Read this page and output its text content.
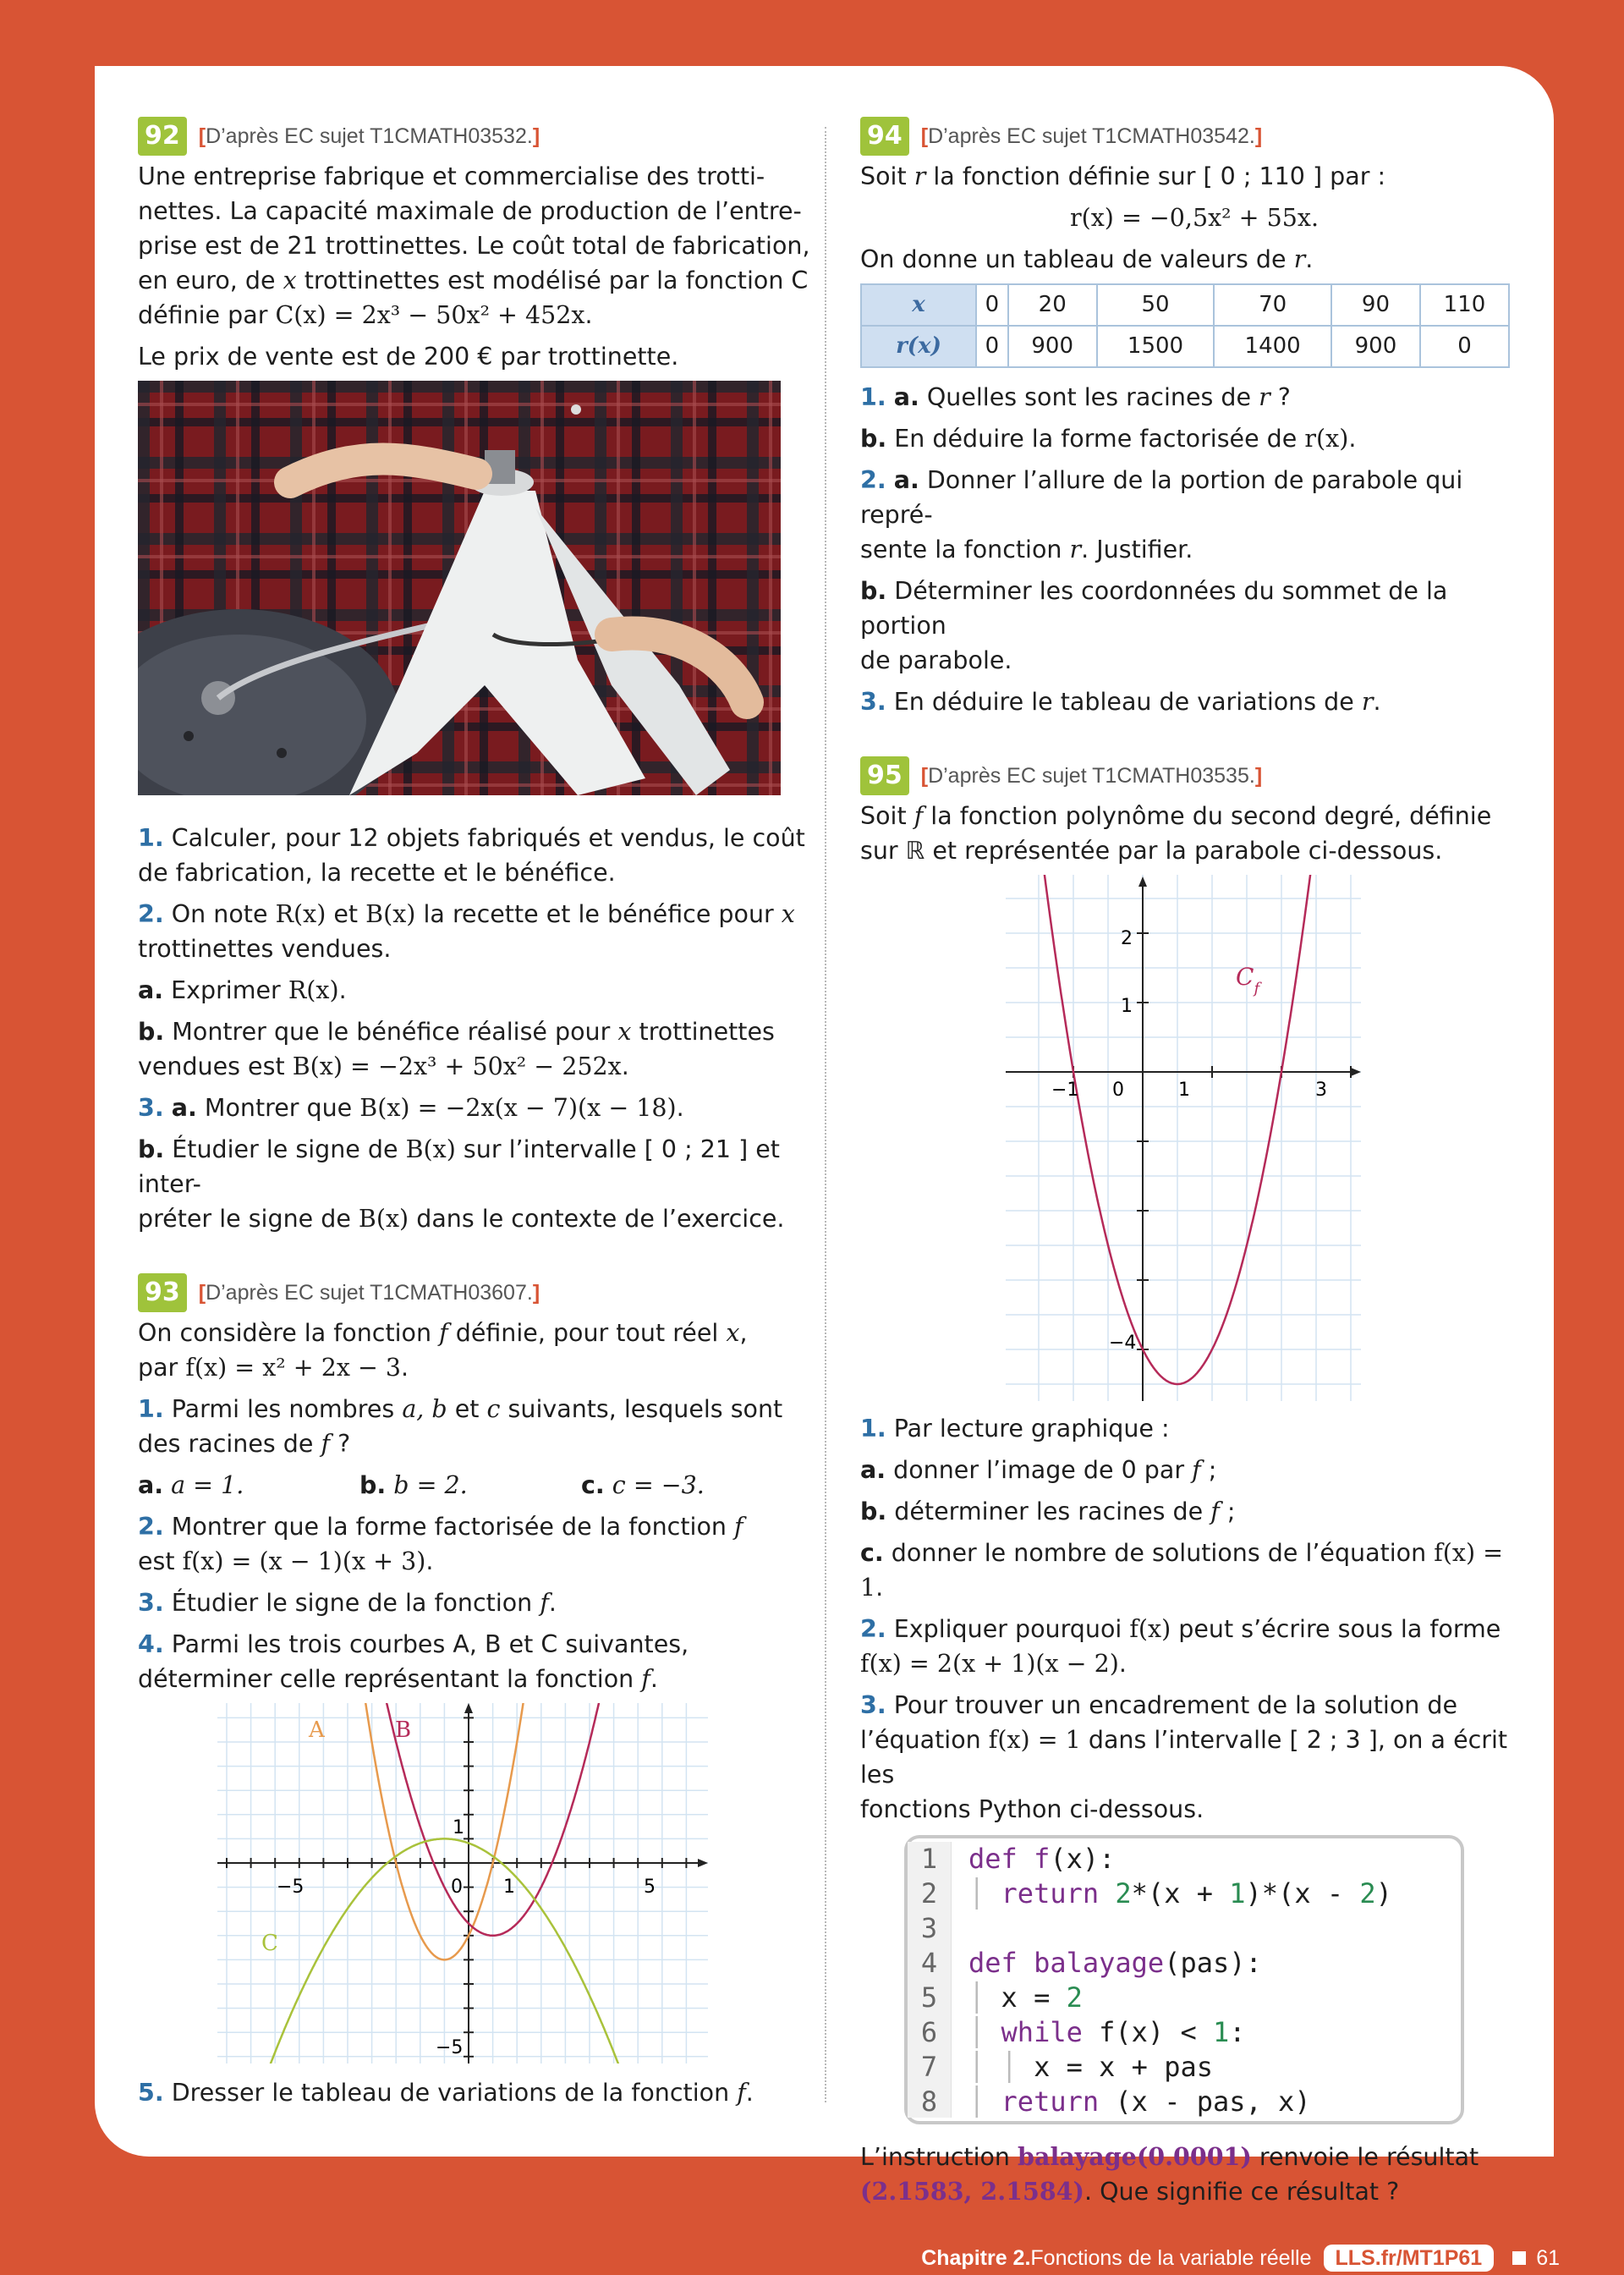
92 [D’après EC sujet T1CMATH03532.]
Une entreprise fabrique et commercialise des trotti-
nettes. La capacité maximale de production de l’entre-
prise est de 21 trottinettes. Le coût total de fabrication,
en euro, de x trottinettes est modélisé par la fonction C
définie par C(x) = 2x³ − 50x² + 452x.
Le prix de vente est de 200 € par trottinette.
1. Calculer, pour 12 objets fabriqués et vendus, le coût
de fabrication, la recette et le bénéfice.
2. On note R(x) et B(x) la recette et le bénéfice pour x
trottinettes vendues.
a. Exprimer R(x).
b. Montrer que le bénéfice réalisé pour x trottinettes
vendues est B(x) = −2x³ + 50x² − 252x.
3. a. Montrer que B(x) = −2x(x − 7)(x − 18).
b. Étudier le signe de B(x) sur l’intervalle [ 0 ; 21 ] et inter-
préter le signe de B(x) dans le contexte de l’exercice.
93 [D’après EC sujet T1CMATH03607.]
On considère la fonction f définie, pour tout réel x,
par f(x) = x² + 2x − 3.
1. Parmi les nombres a, b et c suivants, lesquels sont
des racines de f ?
a. a = 1.	b. b = 2.	c. c = −3.
2. Montrer que la forme factorisée de la fonction f
est f(x) = (x − 1)(x + 3).
3. Étudier le signe de la fonction f.
4. Parmi les trois courbes A, B et C suivantes,
déterminer celle représentant la fonction f.
A	B
C
−5	0 1	5
1
−5
5. Dresser le tableau de variations de la fonction f.
94 [D’après EC sujet T1CMATH03542.]
Soit r la fonction définie sur [ 0 ; 110 ] par :
r(x) = −0,5x² + 55x.
On donne un tableau de valeurs de r.
x	0	20	50	70	90	110
r(x)	0	900	1500	1400	900	0
1. a. Quelles sont les racines de r ?
b. En déduire la forme factorisée de r(x).
2. a. Donner l’allure de la portion de parabole qui repré-
sente la fonction r. Justifier.
b. Déterminer les coordonnées du sommet de la portion
de parabole.
3. En déduire le tableau de variations de r.
95 [D’après EC sujet T1CMATH03535.]
Soit f la fonction polynôme du second degré, définie
sur ℝ et représentée par la parabole ci-dessous.
$C_f$
−1 0	1	3
2
1
−4
1. Par lecture graphique :
a. donner l’image de 0 par f ;
b. déterminer les racines de f ;
c. donner le nombre de solutions de l’équation f(x) = 1.
2. Expliquer pourquoi f(x) peut s’écrire sous la forme
f(x) = 2(x + 1)(x − 2).
3. Pour trouver un encadrement de la solution de
l’équation f(x) = 1 dans l’intervalle [ 2 ; 3 ], on a écrit les
fonctions Python ci-dessous.
1
2
3
4
5
6
7
8
def f(x):
│ return 2*(x + 1)*(x - 2)

def balayage(pas):
│ x = 2
│ while f(x) < 1:
│ │ x = x + pas
│ return (x - pas, x)
L’instruction balayage(0.0001) renvoie le résultat
(2.1583, 2.1584). Que signifie ce résultat ?
Chapitre 2. Fonctions de la variable réelle	LLS.fr/MT1P61	61
